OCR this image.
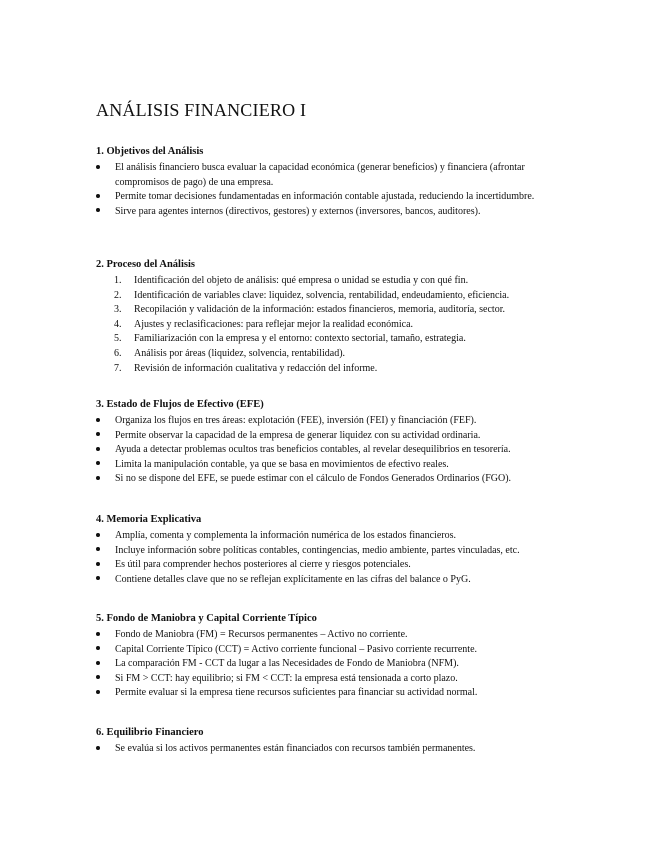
ANÁLISIS FINANCIERO I
1. Objetivos del Análisis
El análisis financiero busca evaluar la capacidad económica (generar beneficios) y financiera (afrontar compromisos de pago) de una empresa.
Permite tomar decisiones fundamentadas en información contable ajustada, reduciendo la incertidumbre.
Sirve para agentes internos (directivos, gestores) y externos (inversores, bancos, auditores).
2. Proceso del Análisis
1. Identificación del objeto de análisis: qué empresa o unidad se estudia y con qué fin.
2. Identificación de variables clave: liquidez, solvencia, rentabilidad, endeudamiento, eficiencia.
3. Recopilación y validación de la información: estados financieros, memoria, auditoría, sector.
4. Ajustes y reclasificaciones: para reflejar mejor la realidad económica.
5. Familiarización con la empresa y el entorno: contexto sectorial, tamaño, estrategia.
6. Análisis por áreas (liquidez, solvencia, rentabilidad).
7. Revisión de información cualitativa y redacción del informe.
3. Estado de Flujos de Efectivo (EFE)
Organiza los flujos en tres áreas: explotación (FEE), inversión (FEI) y financiación (FEF).
Permite observar la capacidad de la empresa de generar liquidez con su actividad ordinaria.
Ayuda a detectar problemas ocultos tras beneficios contables, al revelar desequilibrios en tesorería.
Limita la manipulación contable, ya que se basa en movimientos de efectivo reales.
Si no se dispone del EFE, se puede estimar con el cálculo de Fondos Generados Ordinarios (FGO).
4. Memoria Explicativa
Amplía, comenta y complementa la información numérica de los estados financieros.
Incluye información sobre políticas contables, contingencias, medio ambiente, partes vinculadas, etc.
Es útil para comprender hechos posteriores al cierre y riesgos potenciales.
Contiene detalles clave que no se reflejan explícitamente en las cifras del balance o PyG.
5. Fondo de Maniobra y Capital Corriente Típico
Fondo de Maniobra (FM) = Recursos permanentes – Activo no corriente.
Capital Corriente Típico (CCT) = Activo corriente funcional – Pasivo corriente recurrente.
La comparación FM - CCT da lugar a las Necesidades de Fondo de Maniobra (NFM).
Si FM > CCT: hay equilibrio; si FM < CCT: la empresa está tensionada a corto plazo.
Permite evaluar si la empresa tiene recursos suficientes para financiar su actividad normal.
6. Equilibrio Financiero
Se evalúa si los activos permanentes están financiados con recursos también permanentes.
